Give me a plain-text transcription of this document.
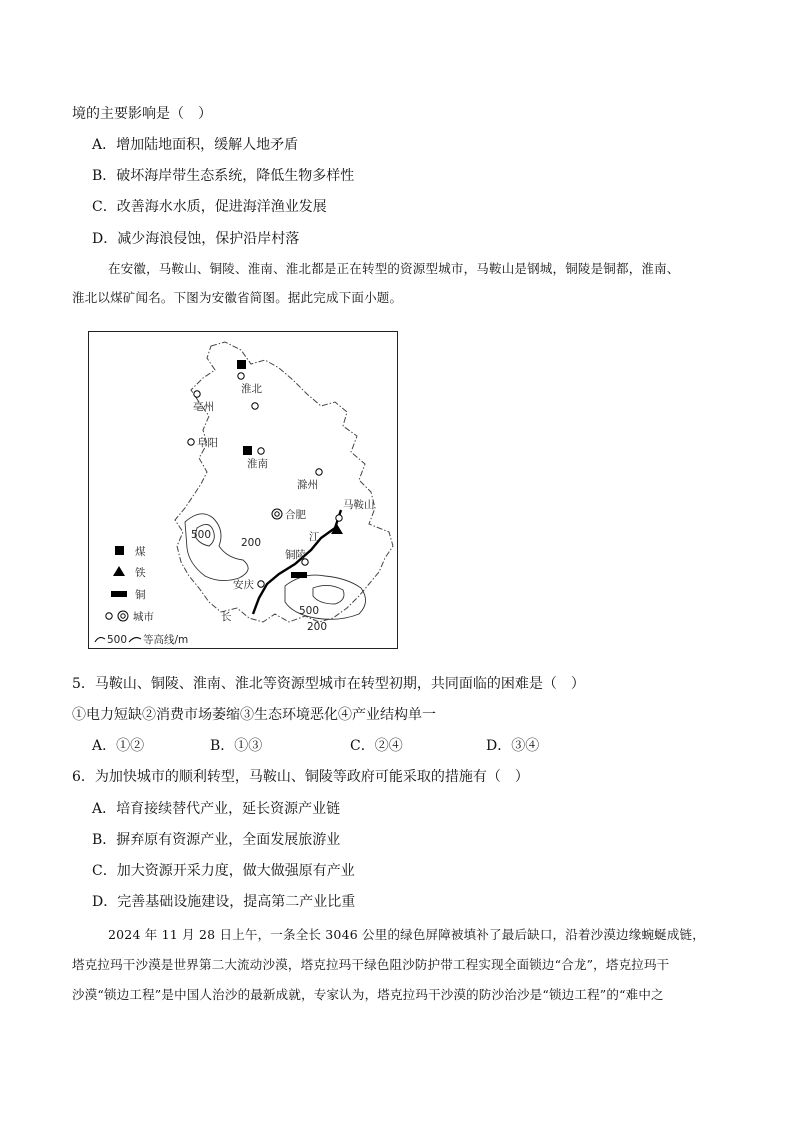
境的主要影响是（　）
A．增加陆地面积，缓解人地矛盾
B．破坏海岸带生态系统，降低生物多样性
C．改善海水水质，促进海洋渔业发展
D．减少海浪侵蚀，保护沿岸村落
在安徽，马鞍山、铜陵、淮南、淮北都是正在转型的资源型城市，马鞍山是钢城，铜陵是铜都，淮南、
淮北以煤矿闻名。下图为安徽省简图。据此完成下面小题。
淮北
亳州
阜阳
淮南
滁州
合肥
马鞍山
铜陵
安庆
江
长
500
200
500
200
煤
铁
铜
城市
500 等高线/m
5．马鞍山、铜陵、淮南、淮北等资源型城市在转型初期，共同面临的困难是（　）
①电力短缺②消费市场萎缩③生态环境恶化④产业结构单一
A．①②	B．①③	C．②④	D．③④
6．为加快城市的顺利转型，马鞍山、铜陵等政府可能采取的措施有（　）
A．培育接续替代产业，延长资源产业链
B．摒弃原有资源产业，全面发展旅游业
C．加大资源开采力度，做大做强原有产业
D．完善基础设施建设，提高第二产业比重
2024 年 11 月 28 日上午，一条全长 3046 公里的绿色屏障被填补了最后缺口，沿着沙漠边缘蜿蜒成链，
塔克拉玛干沙漠是世界第二大流动沙漠，塔克拉玛干绿色阻沙防护带工程实现全面锁边“合龙”，塔克拉玛干
沙漠“锁边工程”是中国人治沙的最新成就，专家认为，塔克拉玛干沙漠的防沙治沙是“锁边工程”的“难中之
